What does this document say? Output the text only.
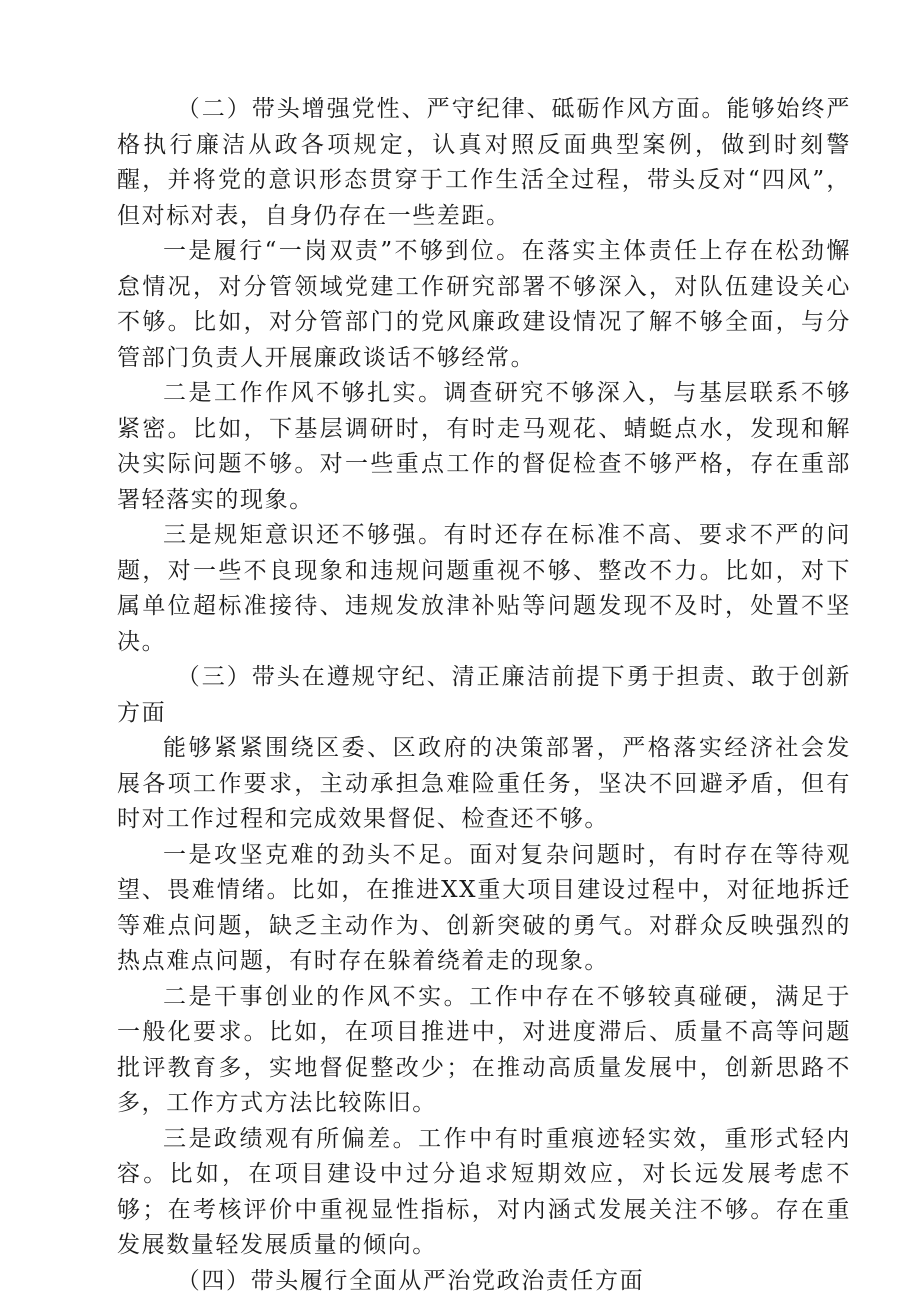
（二）带头增强党性、严守纪律、砥砺作风方面。能够始终严格执行廉洁从政各项规定，认真对照反面典型案例，做到时刻警醒，并将党的意识形态贯穿于工作生活全过程，带头反对“四风”，但对标对表，自身仍存在一些差距。

一是履行“一岗双责”不够到位。在落实主体责任上存在松劲懈怠情况，对分管领域党建工作研究部署不够深入，对队伍建设关心不够。比如，对分管部门的党风廉政建设情况了解不够全面，与分管部门负责人开展廉政谈话不够经常。

二是工作作风不够扎实。调查研究不够深入，与基层联系不够紧密。比如，下基层调研时，有时走马观花、蜻蜓点水，发现和解决实际问题不够。对一些重点工作的督促检查不够严格，存在重部署轻落实的现象。

三是规矩意识还不够强。有时还存在标准不高、要求不严的问题，对一些不良现象和违规问题重视不够、整改不力。比如，对下属单位超标准接待、违规发放津补贴等问题发现不及时，处置不坚决。

（三）带头在遵规守纪、清正廉洁前提下勇于担责、敢于创新方面

能够紧紧围绕区委、区政府的决策部署，严格落实经济社会发展各项工作要求，主动承担急难险重任务，坚决不回避矛盾，但有时对工作过程和完成效果督促、检查还不够。

一是攻坚克难的劲头不足。面对复杂问题时，有时存在等待观望、畏难情绪。比如，在推进XX重大项目建设过程中，对征地拆迁等难点问题，缺乏主动作为、创新突破的勇气。对群众反映强烈的热点难点问题，有时存在躲着绕着走的现象。

二是干事创业的作风不实。工作中存在不够较真碰硬，满足于一般化要求。比如，在项目推进中，对进度滞后、质量不高等问题批评教育多，实地督促整改少；在推动高质量发展中，创新思路不多，工作方式方法比较陈旧。

三是政绩观有所偏差。工作中有时重痕迹轻实效，重形式轻内容。比如，在项目建设中过分追求短期效应，对长远发展考虑不够；在考核评价中重视显性指标，对内涵式发展关注不够。存在重发展数量轻发展质量的倾向。

（四）带头履行全面从严治党政治责任方面
